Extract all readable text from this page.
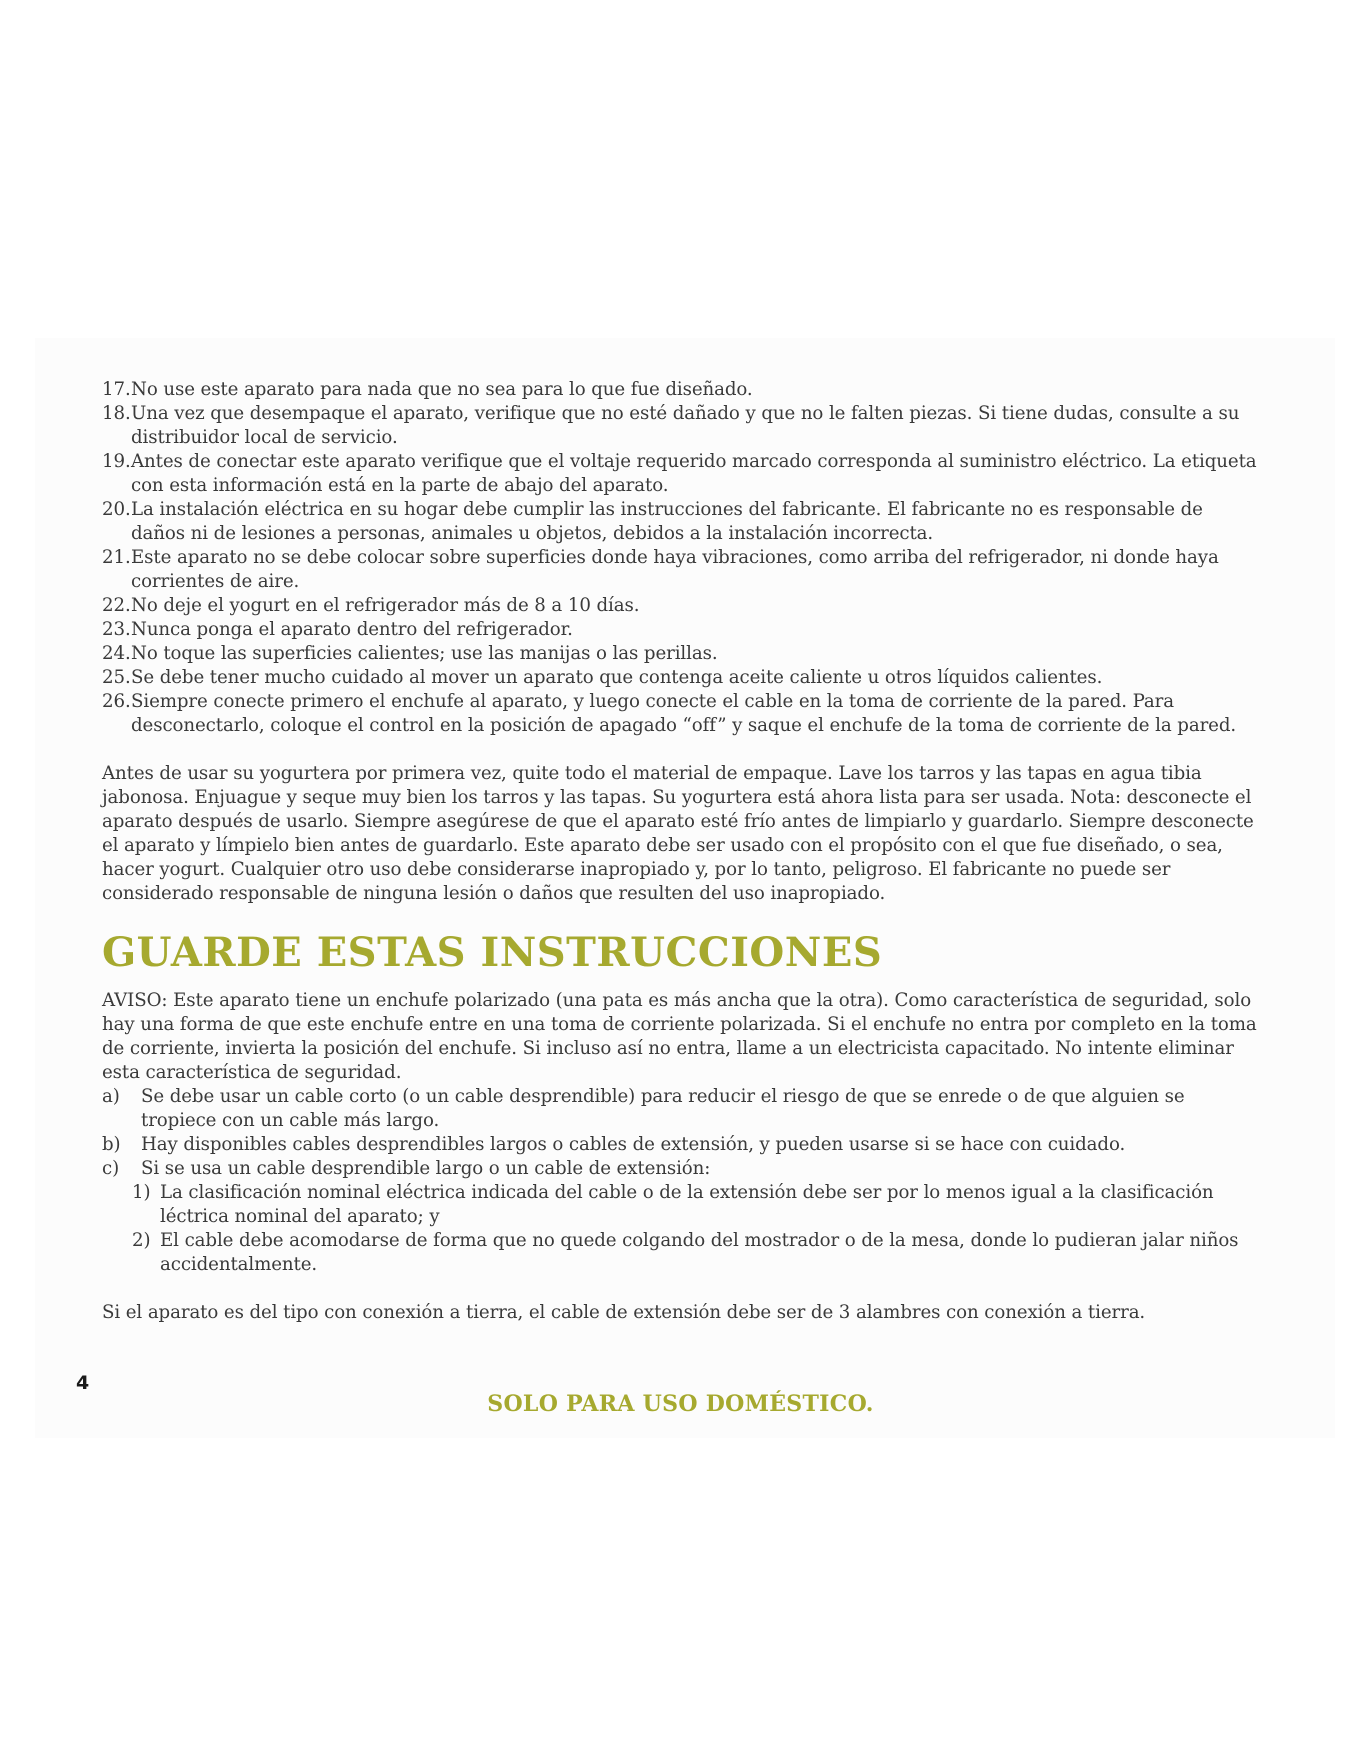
17. No use este aparato para nada que no sea para lo que fue diseñado.
18. Una vez que desempaque el aparato, verifique que no esté dañado y que no le falten piezas. Si tiene dudas, consulte a su distribuidor local de servicio.
19. Antes de conectar este aparato verifique que el voltaje requerido marcado corresponda al suministro eléctrico. La etiqueta con esta información está en la parte de abajo del aparato.
20. La instalación eléctrica en su hogar debe cumplir las instrucciones del fabricante. El fabricante no es responsable de daños ni de lesiones a personas, animales u objetos, debidos a la instalación incorrecta.
21. Este aparato no se debe colocar sobre superficies donde haya vibraciones, como arriba del refrigerador, ni donde haya corrientes de aire.
22. No deje el yogurt en el refrigerador más de 8 a 10 días.
23. Nunca ponga el aparato dentro del refrigerador.
24. No toque las superficies calientes; use las manijas o las perillas.
25. Se debe tener mucho cuidado al mover un aparato que contenga aceite caliente u otros líquidos calientes.
26. Siempre conecte primero el enchufe al aparato, y luego conecte el cable en la toma de corriente de la pared. Para desconectarlo, coloque el control en la posición de apagado “off” y saque el enchufe de la toma de corriente de la pared.

Antes de usar su yogurtera por primera vez, quite todo el material de empaque. Lave los tarros y las tapas en agua tibia jabonosa. Enjuague y seque muy bien los tarros y las tapas. Su yogurtera está ahora lista para ser usada. Nota: desconecte el aparato después de usarlo. Siempre asegúrese de que el aparato esté frío antes de limpiarlo y guardarlo. Siempre desconecte el aparato y límpielo bien antes de guardarlo. Este aparato debe ser usado con el propósito con el que fue diseñado, o sea, hacer yogurt. Cualquier otro uso debe considerarse inapropiado y, por lo tanto, peligroso. El fabricante no puede ser considerado responsable de ninguna lesión o daños que resulten del uso inapropiado.

GUARDE ESTAS INSTRUCCIONES

AVISO: Este aparato tiene un enchufe polarizado (una pata es más ancha que la otra). Como característica de seguridad, solo hay una forma de que este enchufe entre en una toma de corriente polarizada. Si el enchufe no entra por completo en la toma de corriente, invierta la posición del enchufe. Si incluso así no entra, llame a un electricista capacitado. No intente eliminar esta característica de seguridad.

a) Se debe usar un cable corto (o un cable desprendible) para reducir el riesgo de que se enrede o de que alguien se tropiece con un cable más largo.
b) Hay disponibles cables desprendibles largos o cables de extensión, y pueden usarse si se hace con cuidado.
c) Si se usa un cable desprendible largo o un cable de extensión:
1) La clasificación nominal eléctrica indicada del cable o de la extensión debe ser por lo menos igual a la clasificación léctrica nominal del aparato; y
2) El cable debe acomodarse de forma que no quede colgando del mostrador o de la mesa, donde lo pudieran jalar niños accidentalmente.

Si el aparato es del tipo con conexión a tierra, el cable de extensión debe ser de 3 alambres con conexión a tierra.

4
SOLO PARA USO DOMÉSTICO.
